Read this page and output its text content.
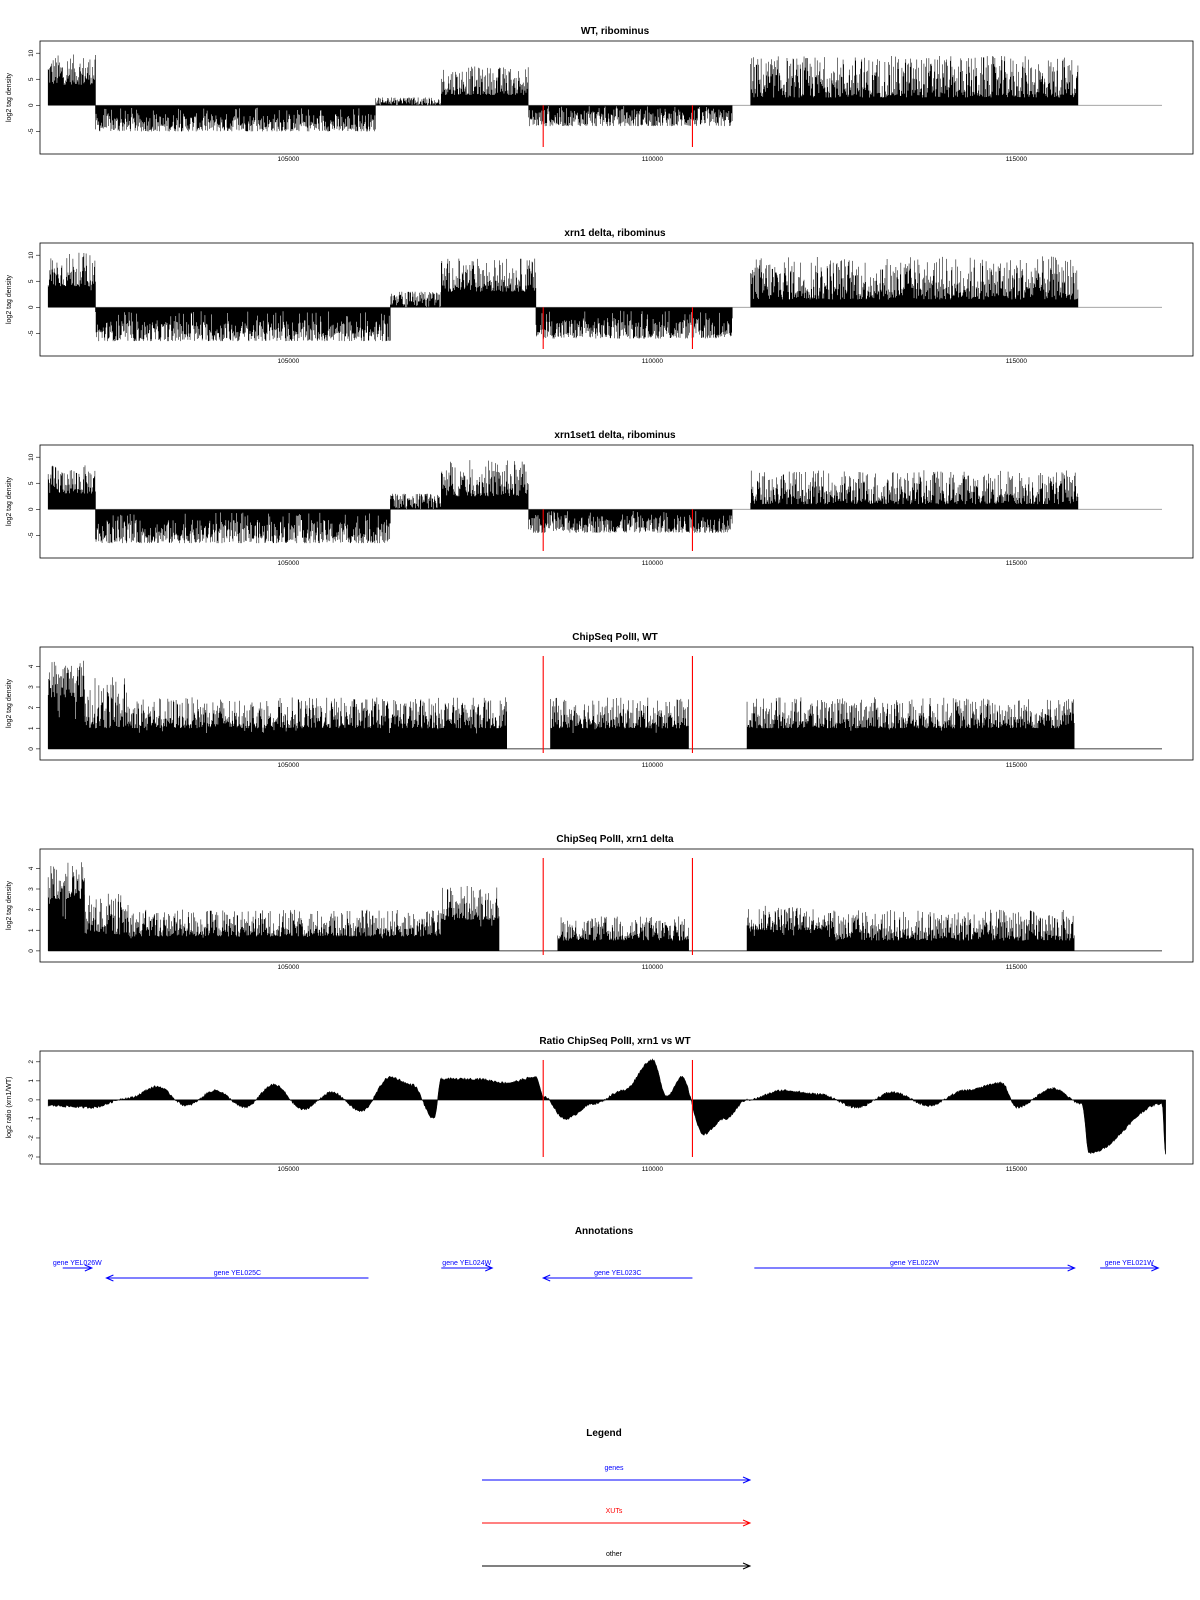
WT, ribominus
log2 tag density
-5
0
5
10
105000	110000	115000
xrn1 delta, ribominus
log2 tag density
-5
0
5
10
105000	110000	115000
xrn1set1 delta, ribominus
log2 tag density
-5
0
5
10
105000	110000	115000
ChipSeq PolII, WT
log2 tag density
0
1
2
3
4
105000	110000	115000
ChipSeq PolII, xrn1 delta
log2 tag density
0
1
2
3
4
105000	110000	115000
Ratio ChipSeq PolII, xrn1 vs WT
log2 ratio (xrn1/WT)
-3
-2
-1
0
1
2
105000	110000	115000
Annotations
gene YEL026W
gene YEL025C
gene YEL024W
gene YEL023C
gene YEL022W	gene YEL021W
Legend
genes
XUTs
other
